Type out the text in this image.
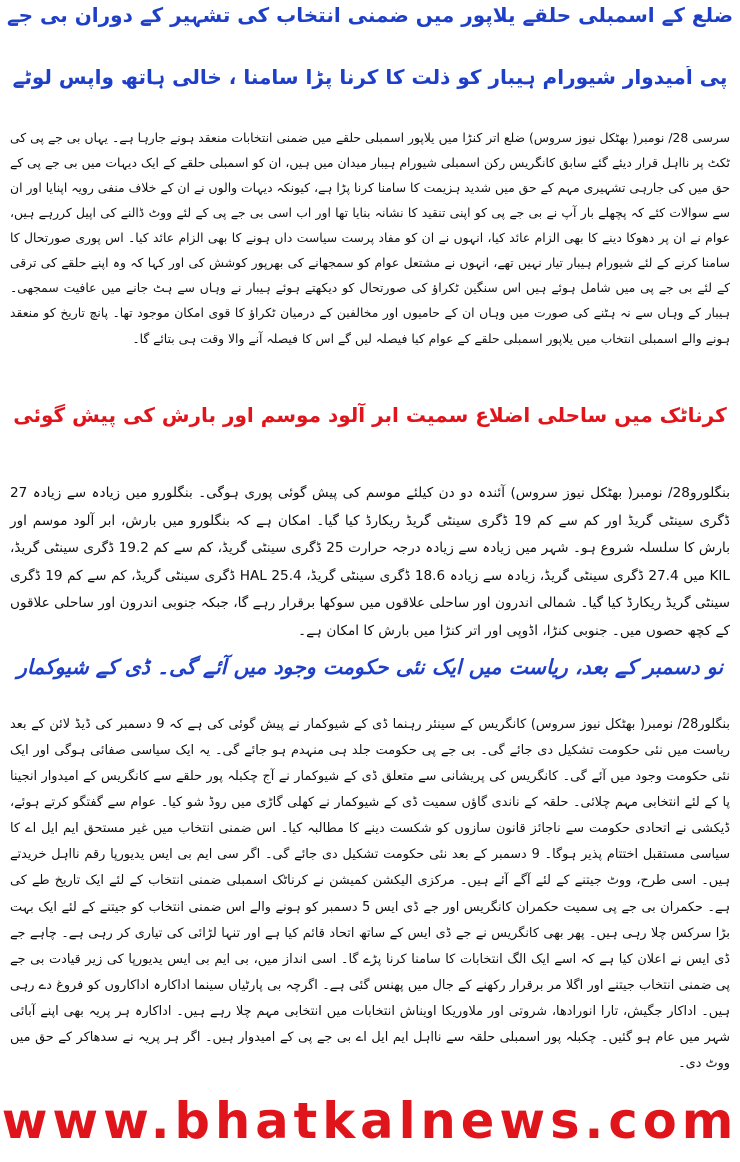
ضلع کے اسمبلی حلقے یلاپور میں ضمنی انتخاب کی تشہیر کے دوران بی جے
پی اُمیدوار شیورام ہیبار کو ذلت کا کرنا پڑا سامنا ، خالی ہاتھ واپس لوٹے
سرسی 28/ نومبر( بھٹکل نیوز سروس) ضلع اتر کنڑا میں یلاپور اسمبلی حلقے میں ضمنی انتخابات منعقد ہونے جارہا ہے۔ یہاں بی جے پی کی ٹکٹ پر نااہل قرار دیئے گئے سابق کانگریس رکن اسمبلی شیورام ہیبار میدان میں ہیں، ان کو اسمبلی حلقے کے ایک دیہات میں بی جے پی کے حق میں کی جارہی تشہیری مہم کے حق میں شدید ہزیمت کا سامنا کرنا پڑا ہے، کیونکہ دیہات والوں نے ان کے خلاف منفی رویہ اپنایا اور ان سے سوالات کئے کہ پچھلے بار آپ نے بی جے پی کو اپنی تنقید کا نشانہ بنایا تھا اور اب اسی بی جے پی کے لئے ووٹ ڈالنے کی اپیل کررہے ہیں، عوام نے ان پر دھوکا دینے کا بھی الزام عائد کیا، انہوں نے ان کو مفاد پرست سیاست داں ہونے کا بھی الزام عائد کیا۔ اس پوری صورتحال کا سامنا کرنے کے لئے شیورام ہیبار تیار نہیں تھے، انہوں نے مشتعل عوام کو سمجھانے کی بھرپور کوشش کی اور کہا کہ وہ اپنے حلقے کی ترقی کے لئے بی جے پی میں شامل ہوئے ہیں اس سنگین ٹکراؤ کی صورتحال کو دیکھتے ہوئے ہیبار نے وہاں سے ہٹ جانے میں عافیت سمجھی۔ ہیبار کے وہاں سے نہ ہٹنے کی صورت میں وہاں ان کے حامیوں اور مخالفین کے درمیان ٹکراؤ کا قوی امکان موجود تھا۔ پانچ تاریخ کو منعقد ہونے والے اسمبلی انتخاب میں یلاپور اسمبلی حلقے کے عوام کیا فیصلہ لیں گے اس کا فیصلہ آنے والا وقت ہی بتائے گا۔
کرناٹک میں ساحلی اضلاع سمیت ابر آلود موسم اور بارش کی پیش گوئی
بنگلورو28/ نومبر( بھٹکل نیوز سروس) آئندہ دو دن کیلئے موسم کی پیش گوئی پوری ہوگی۔ بنگلورو میں زیادہ سے زیادہ 27 ڈگری سینٹی گریڈ اور کم سے کم 19 ڈگری سینٹی گریڈ ریکارڈ کیا گیا۔ امکان ہے کہ بنگلورو میں بارش، ابر آلود موسم اور بارش کا سلسلہ شروع ہو۔ شہر میں زیادہ سے زیادہ درجہ حرارت 25 ڈگری سینٹی گریڈ، کم سے کم 19.2 ڈگری سینٹی گریڈ، KIL میں 27.4 ڈگری سینٹی گریڈ، زیادہ سے زیادہ 18.6 ڈگری سینٹی گریڈ، HAL 25.4 ڈگری سینٹی گریڈ، کم سے کم 19 ڈگری سینٹی گریڈ ریکارڈ کیا گیا۔ شمالی اندرون اور ساحلی علاقوں میں سوکھا برقرار رہے گا، جبکہ جنوبی اندرون اور ساحلی علاقوں کے کچھ حصوں میں۔ جنوبی کنڑا، اڈوپی اور اتر کنڑا میں بارش کا امکان ہے۔
نو دسمبر کے بعد، ریاست میں ایک نئی حکومت وجود میں آئے گی۔ ڈی کے شیوکمار
بنگلور28/ نومبر( بھٹکل نیوز سروس) کانگریس کے سینئر رہنما ڈی کے شیوکمار نے پیش گوئی کی ہے کہ 9 دسمبر کی ڈیڈ لائن کے بعد ریاست میں نئی حکومت تشکیل دی جائے گی۔ بی جے پی حکومت جلد ہی منہدم ہو جائے گی۔ یہ ایک سیاسی صفائی ہوگی اور ایک نئی حکومت وجود میں آئے گی۔ کانگریس کی پریشانی سے متعلق ڈی کے شیوکمار نے آج چکبلہ پور حلقے سے کانگریس کے امیدوار انجینا پا کے لئے انتخابی مہم چلائی۔ حلقہ کے ناندی گاؤں سمیت ڈی کے شیوکمار نے کھلی گاڑی میں روڈ شو کیا۔ عوام سے گفتگو کرتے ہوئے، ڈیکشی نے اتحادی حکومت سے ناجائز قانون سازوں کو شکست دینے کا مطالبہ کیا۔ اس ضمنی انتخاب میں غیر مستحق ایم ایل اے کا سیاسی مستقبل اختتام پذیر ہوگا۔ 9 دسمبر کے بعد نئی حکومت تشکیل دی جائے گی۔ اگر سی ایم بی ایس یدیورپا رقم نااہل خریدتے ہیں۔ اسی طرح، ووٹ جیتنے کے لئے آگے آئے ہیں۔ مرکزی الیکشن کمیشن نے کرناٹک اسمبلی ضمنی انتخاب کے لئے ایک تاریخ طے کی ہے۔ حکمران بی جے پی سمیت حکمران کانگریس اور جے ڈی ایس 5 دسمبر کو ہونے والے اس ضمنی انتخاب کو جیتنے کے لئے ایک بہت بڑا سرکس چلا رہی ہیں۔ پھر بھی کانگریس نے جے ڈی ایس کے ساتھ اتحاد قائم کیا ہے اور تنہا لڑائی کی تیاری کر رہی ہے۔ چاہے جے ڈی ایس نے اعلان کیا ہے کہ اسے ایک الگ انتخابات کا سامنا کرنا پڑے گا۔ اسی انداز میں، بی ایم بی ایس یدیورپا کی زیر قیادت بی جے پی ضمنی انتخاب جیتنے اور اگلا مر برقرار رکھنے کے جال میں پھنس گئی ہے۔ اگرچہ بی پارٹیاں سینما اداکارہ اداکاروں کو فروغ دے رہی ہیں۔ اداکار جگیش، تارا انورادھا، شروتی اور ملاوریکا اویناش انتخابات میں انتخابی مہم چلا رہے ہیں۔ اداکارہ ہر پریہ بھی اپنے آبائی شہر میں عام ہو گئیں۔ چکبلہ پور اسمبلی حلقہ سے نااہل ایم ایل اے بی جے پی کے امیدوار ہیں۔ اگر ہر پریہ نے سدھاکر کے حق میں ووٹ دی۔
www.bhatkalnews.com
